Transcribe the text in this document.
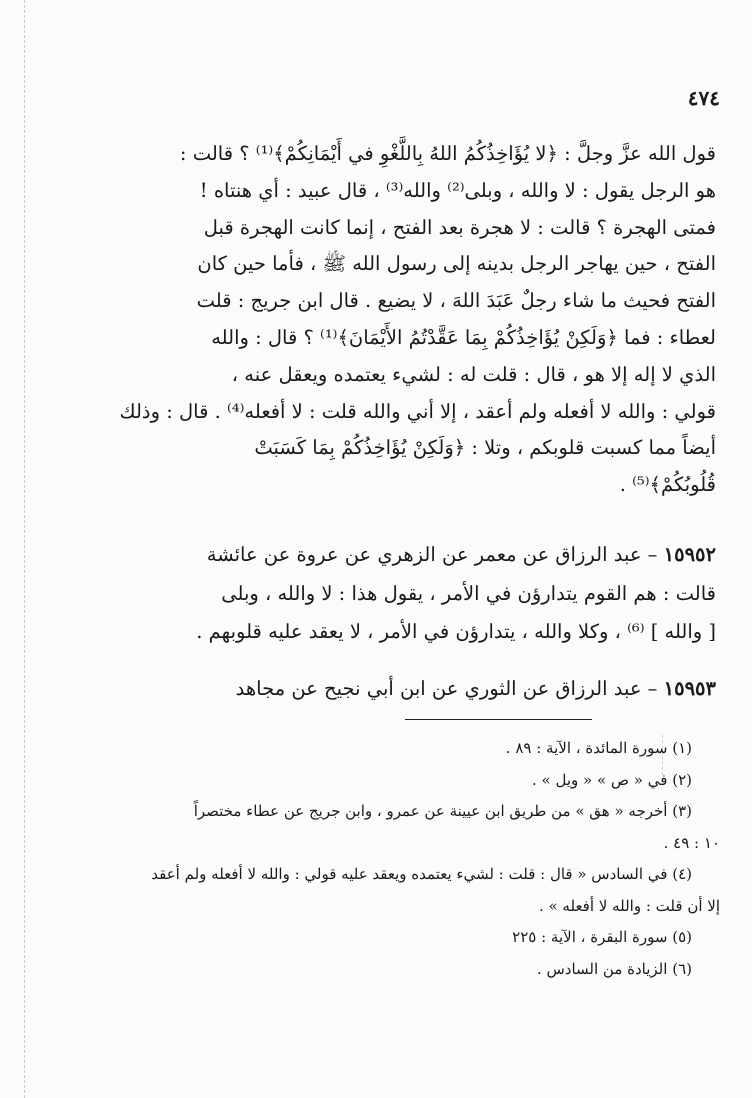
٤٧٤

قول الله عزَّ وجلَّ : ﴿لا يُؤَاخِذُكُمُ اللهُ بِاللَّغْوِ في أَيْمَانِكُمْ﴾⁽¹⁾ ؟ قالت :

هو الرجل يقول : لا والله ، وبلى⁽²⁾ والله⁽³⁾ ، قال عبيد : أي هنتاه !

فمتى الهجرة ؟ قالت : لا هجرة بعد الفتح ، إنما كانت الهجرة قبل

الفتح ، حين يهاجر الرجل بدينه إلى رسول الله ﷺ ، فأما حين كان

الفتح فحيث ما شاء رجلٌ عَبَدَ اللهَ ، لا يضيع . قال ابن جريج : قلت

لعطاء : فما ﴿وَلَكِنْ يُؤَاخِذُكُمْ بِمَا عَقَّدْتُمُ الأَيْمَانَ﴾⁽¹⁾ ؟ قال : والله

الذي لا إله إلا هو ، قال : قلت له : لشيء يعتمده ويعقل عنه ،

قولي : والله لا أفعله ولم أعقد ، إلا أني والله قلت : لا أفعله⁽⁴⁾ . قال : وذلك

أيضاً مما كسبت قلوبكم ، وتلا : ﴿وَلَكِنْ يُؤَاخِذُكُمْ بِمَا كَسَبَتْ

قُلُوبُكُمْ﴾⁽⁵⁾ .

١٥٩٥٢ – عبد الرزاق عن معمر عن الزهري عن عروة عن عائشة

قالت : هم القوم يتدارؤن في الأمر ، يقول هذا : لا والله ، وبلى

[ والله ] ⁽⁶⁾ ، وكلا والله ، يتدارؤن في الأمر ، لا يعقد عليه قلوبهم .

١٥٩٥٣ – عبد الرزاق عن الثوري عن ابن أبي نجيح عن مجاهد

(١) سورة المائدة ، الآية : ٨٩ .

(٢) في « ص » « ويل » .

(٣) أخرجه « هق » من طريق ابن عيينة عن عمرو ، وابن جريج عن عطاء مختصراً

١٠ : ٤٩ .

(٤) في السادس « قال : قلت : لشيء يعتمده ويعقد عليه قولي : والله لا أفعله ولم أعقد

إلا أن قلت : والله لا أفعله » .

(٥) سورة البقرة ، الآية : ٢٢٥

(٦) الزيادة من السادس .
